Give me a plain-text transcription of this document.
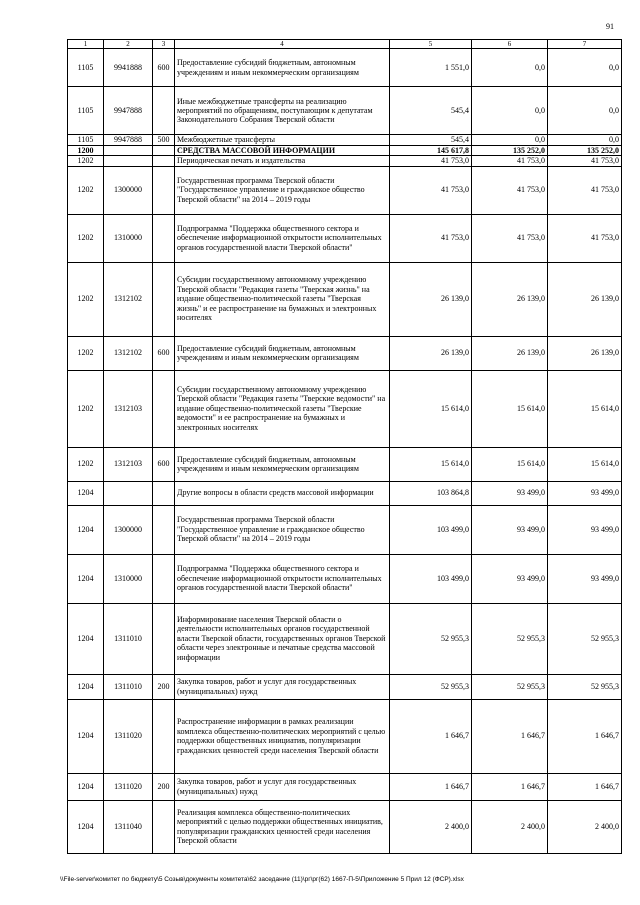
91
1	2	3	4	5	6	7
1105	9941888	600	Предоставление субсидий бюджетным, автономным учреждениям и иным некоммерческим организациям	1 551,0	0,0	0,0
1105	9947888		Иные межбюджетные трансферты на реализацию мероприятий по обращениям, поступающим к депутатам Законодательного Собрания Тверской области	545,4	0,0	0,0
1105	9947888	500	Межбюджетные трансферты	545,4	0,0	0,0
1200			СРЕДСТВА МАССОВОЙ ИНФОРМАЦИИ	145 617,8	135 252,0	135 252,0
1202			Периодическая печать и издательства	41 753,0	41 753,0	41 753,0
1202	1300000		Государственная программа Тверской области "Государственное управление и гражданское общество Тверской области" на 2014 – 2019 годы	41 753,0	41 753,0	41 753,0
1202	1310000		Подпрограмма "Поддержка общественного сектора и обеспечение информационной открытости исполнительных органов государственной власти Тверской области"	41 753,0	41 753,0	41 753,0
1202	1312102		Субсидии государственному автономному учреждению Тверской области "Редакция газеты "Тверская жизнь" на издание общественно-политической газеты "Тверская жизнь" и ее распространение на бумажных и электронных носителях	26 139,0	26 139,0	26 139,0
1202	1312102	600	Предоставление субсидий бюджетным, автономным учреждениям и иным некоммерческим организациям	26 139,0	26 139,0	26 139,0
1202	1312103		Субсидии государственному автономному учреждению Тверской области "Редакция газеты "Тверские ведомости" на издание общественно-политической газеты "Тверские ведомости" и ее распространение на бумажных и электронных носителях	15 614,0	15 614,0	15 614,0
1202	1312103	600	Предоставление субсидий бюджетным, автономным учреждениям и иным некоммерческим организациям	15 614,0	15 614,0	15 614,0
1204			Другие вопросы в области средств массовой информации	103 864,8	93 499,0	93 499,0
1204	1300000		Государственная программа Тверской области "Государственное управление и гражданское общество Тверской области" на 2014 – 2019 годы	103 499,0	93 499,0	93 499,0
1204	1310000		Подпрограмма "Поддержка общественного сектора и обеспечение информационной открытости исполнительных органов государственной власти Тверской области"	103 499,0	93 499,0	93 499,0
1204	1311010		Информирование населения Тверской области о деятельности исполнительных органов государственной власти Тверской области, государственных органов Тверской области через электронные и печатные средства массовой информации	52 955,3	52 955,3	52 955,3
1204	1311010	200	Закупка товаров, работ и услуг для государственных (муниципальных) нужд	52 955,3	52 955,3	52 955,3
1204	1311020		Распространение информации в рамках реализации комплекса общественно-политических мероприятий с целью поддержки общественных инициатив, популяризации гражданских ценностей среди населения Тверской области	1 646,7	1 646,7	1 646,7
1204	1311020	200	Закупка товаров, работ и услуг для государственных (муниципальных) нужд	1 646,7	1 646,7	1 646,7
1204	1311040		Реализация комплекса общественно-политических мероприятий с целью поддержки общественных инициатив, популяризации гражданских ценностей среди населения Тверской области	2 400,0	2 400,0	2 400,0
\\File-server\комитет по бюджету\5 Созыв\документы комитета\62 заседание (11)\рг\рг(62) 1667-П-5\Приложение 5 Прил 12 (ФСР).xlsx
